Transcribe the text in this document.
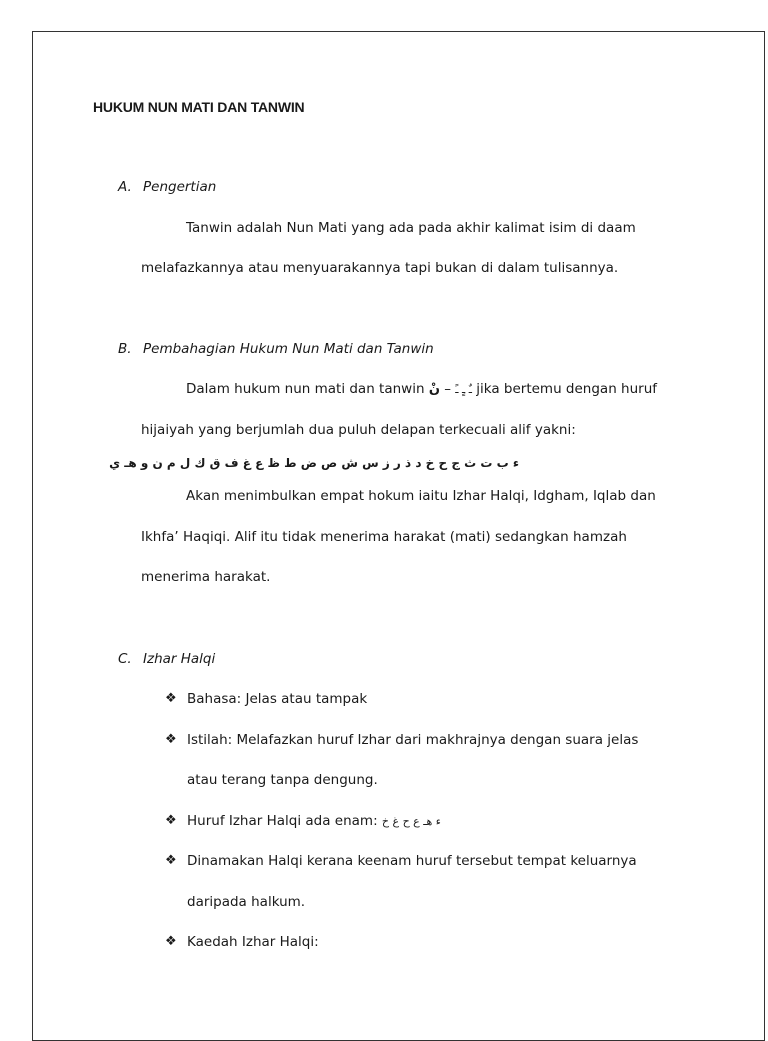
HUKUM NUN MATI DAN TANWIN
A. Pengertian
Tanwin adalah Nun Mati yang ada pada akhir kalimat isim di daam
melafazkannya atau menyuarakannya tapi bukan di dalam tulisannya.
B. Pembahagian Hukum Nun Mati dan Tanwin
Dalam hukum nun mati dan tanwin	ـٌ ـٍ ـً – نْ	jika bertemu dengan huruf
hijaiyah yang berjumlah dua puluh delapan terkecuali alif yakni:
ء ب ت ث ج ح خ د ذ ر ز س ش ص ض ط ظ ع غ ف ق ك ل م ن و هـ ي
Akan menimbulkan empat hokum iaitu Izhar Halqi, Idgham, Iqlab dan
Ikhfa’ Haqiqi. Alif itu tidak menerima harakat (mati) sedangkan hamzah
menerima harakat.
C. Izhar Halqi
❖ Bahasa: Jelas atau tampak
❖ Istilah: Melafazkan huruf Izhar dari makhrajnya dengan suara jelas
atau terang tanpa dengung.
❖ Huruf Izhar Halqi ada enam: ء هـ ع ح غ خ
❖ Dinamakan Halqi kerana keenam huruf tersebut tempat keluarnya
daripada halkum.
❖ Kaedah Izhar Halqi:
